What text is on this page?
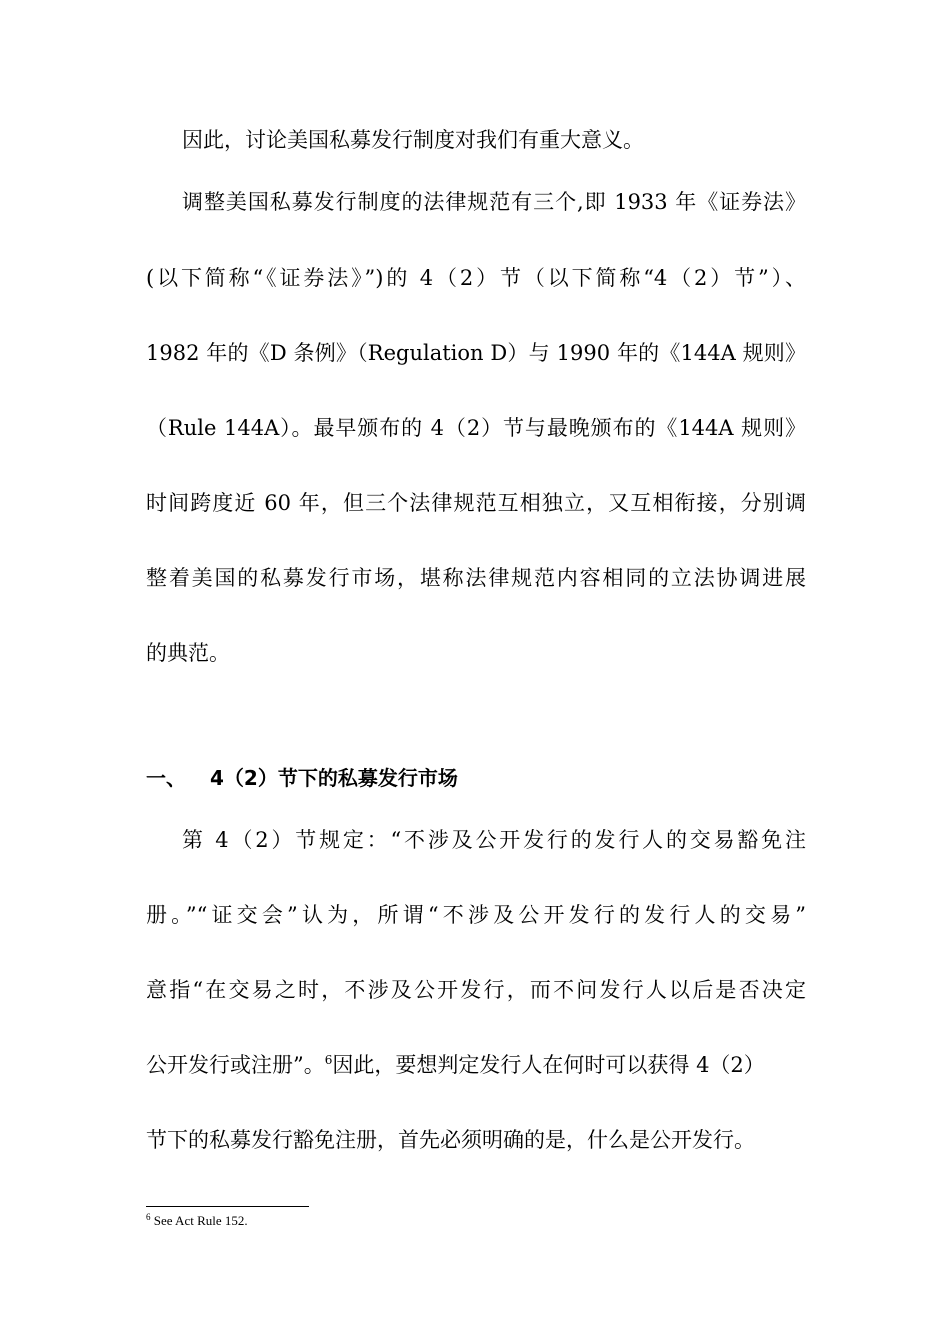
因此，讨论美国私募发行制度对我们有重大意义。
调整美国私募发行制度的法律规范有三个,即 1933 年《证券法》
(以下简称“《证券法》”)的 4（2）节（以下简称“4（2）节”）、
1982 年的《D 条例》（Regulation D）与 1990 年的《144A 规则》
（Rule 144A）。最早颁布的 4（2）节与最晚颁布的《144A 规则》
时间跨度近 60 年，但三个法律规范互相独立，又互相衔接，分别调
整着美国的私募发行市场，堪称法律规范内容相同的立法协调进展
的典范。
一、 4（2）节下的私募发行市场
第 4（2）节规定：“不涉及公开发行的发行人的交易豁免注
册。”“证交会”认为，所谓“不涉及公开发行的发行人的交易”
意指“在交易之时，不涉及公开发行，而不问发行人以后是否决定
公开发行或注册”。$^6$因此，要想判定发行人在何时可以获得 4（2）
节下的私募发行豁免注册，首先必须明确的是，什么是公开发行。
$^6$ See Act Rule 152.
